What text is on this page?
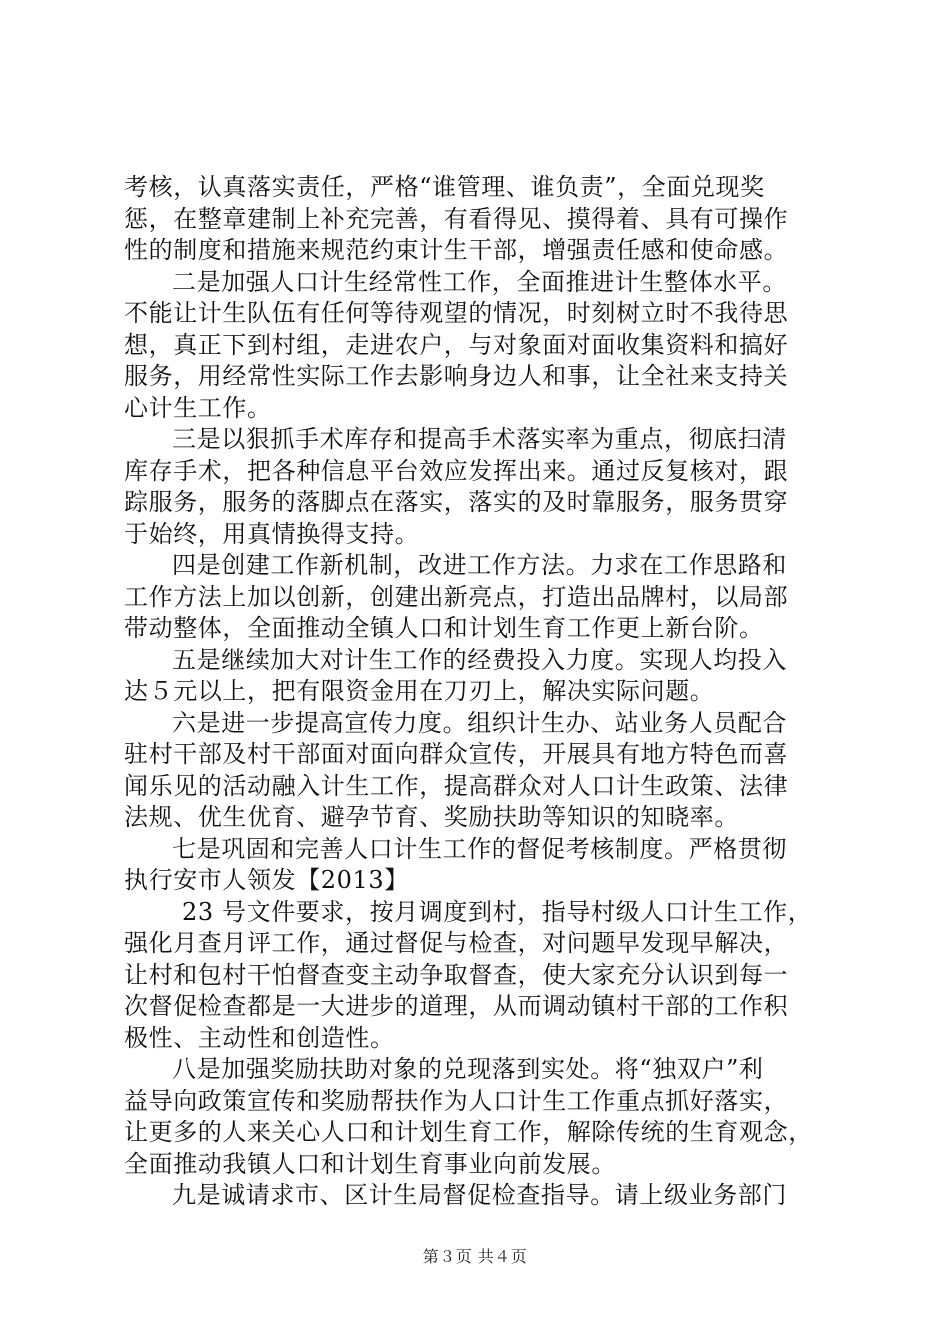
考核，认真落实责任，严格“谁管理、谁负责”，全面兑现奖
惩，在整章建制上补充完善，有看得见、摸得着、具有可操作
性的制度和措施来规范约束计生干部，增强责任感和使命感。
二是加强人口计生经常性工作，全面推进计生整体水平。
不能让计生队伍有任何等待观望的情况，时刻树立时不我待思
想，真正下到村组，走进农户，与对象面对面收集资料和搞好
服务，用经常性实际工作去影响身边人和事，让全社来支持关
心计生工作。
三是以狠抓手术库存和提高手术落实率为重点，彻底扫清
库存手术，把各种信息平台效应发挥出来。通过反复核对，跟
踪服务，服务的落脚点在落实，落实的及时靠服务，服务贯穿
于始终，用真情换得支持。
四是创建工作新机制，改进工作方法。力求在工作思路和
工作方法上加以创新，创建出新亮点，打造出品牌村，以局部
带动整体，全面推动全镇人口和计划生育工作更上新台阶。
五是继续加大对计生工作的经费投入力度。实现人均投入
达５元以上，把有限资金用在刀刃上，解决实际问题。
六是进一步提高宣传力度。组织计生办、站业务人员配合
驻村干部及村干部面对面向群众宣传，开展具有地方特色而喜
闻乐见的活动融入计生工作，提高群众对人口计生政策、法律
法规、优生优育、避孕节育、奖励扶助等知识的知晓率。
七是巩固和完善人口计生工作的督促考核制度。严格贯彻
执行安市人领发【2013】
23 号文件要求，按月调度到村，指导村级人口计生工作，
强化月查月评工作，通过督促与检查，对问题早发现早解决，
让村和包村干怕督查变主动争取督查，使大家充分认识到每一
次督促检查都是一大进步的道理，从而调动镇村干部的工作积
极性、主动性和创造性。
八是加强奖励扶助对象的兑现落到实处。将“独双户”利
益导向政策宣传和奖励帮扶作为人口计生工作重点抓好落实，
让更多的人来关心人口和计划生育工作，解除传统的生育观念，
全面推动我镇人口和计划生育事业向前发展。
九是诚请求市、区计生局督促检查指导。请上级业务部门
第３页 共４页
